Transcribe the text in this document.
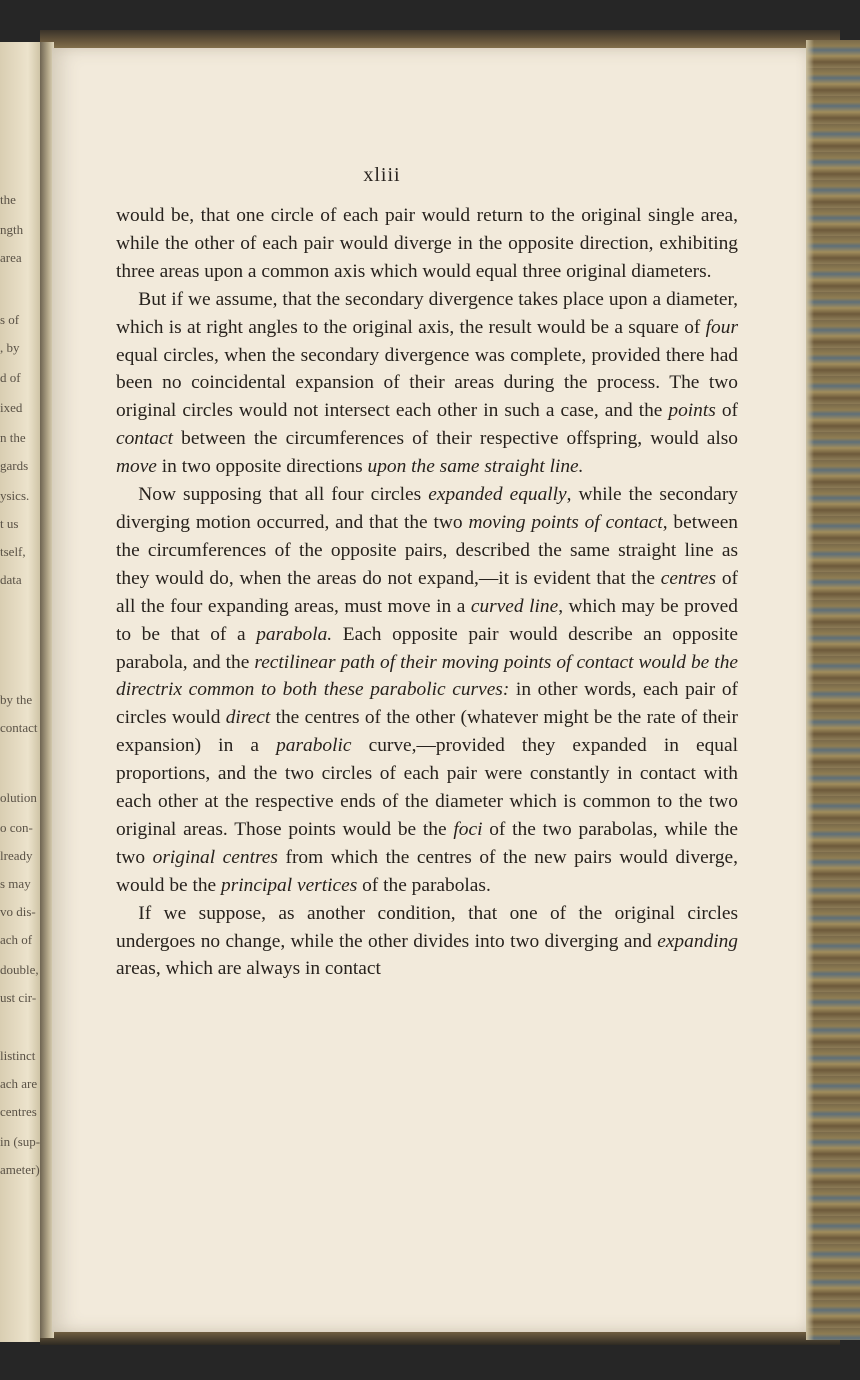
the
ngth
area
s of
, by
d of
ixed
n the
gards
ysics.
t us
tself,
data
by the
contact
olution
o con-
lready
s may
vo dis-
ach of
double,
ust cir-
listinct
ach are
centres
in (sup-
ameter)
xliii

would be, that one circle of each pair would return to the original single area, while the other of each pair would diverge in the opposite direction, exhibiting three areas upon a common axis which would equal three original diameters.

But if we assume, that the secondary divergence takes place upon a diameter, which is at right angles to the original axis, the result would be a square of four equal circles, when the secondary divergence was complete, provided there had been no coincidental expansion of their areas during the process. The two original circles would not intersect each other in such a case, and the points of contact between the circumferences of their respective offspring, would also move in two opposite directions upon the same straight line.

Now supposing that all four circles expanded equally, while the secondary diverging motion occurred, and that the two moving points of contact, between the circumferences of the opposite pairs, described the same straight line as they would do, when the areas do not expand,—it is evident that the centres of all the four expanding areas, must move in a curved line, which may be proved to be that of a parabola. Each opposite pair would describe an opposite parabola, and the rectilinear path of their moving points of contact would be the directrix common to both these parabolic curves: in other words, each pair of circles would direct the centres of the other (whatever might be the rate of their expansion) in a parabolic curve,—provided they expanded in equal proportions, and the two circles of each pair were constantly in contact with each other at the respective ends of the diameter which is common to the two original areas. Those points would be the foci of the two parabolas, while the two original centres from which the centres of the new pairs would diverge, would be the principal vertices of the parabolas.

If we suppose, as another condition, that one of the original circles undergoes no change, while the other divides into two diverging and expanding areas, which are always in contact
